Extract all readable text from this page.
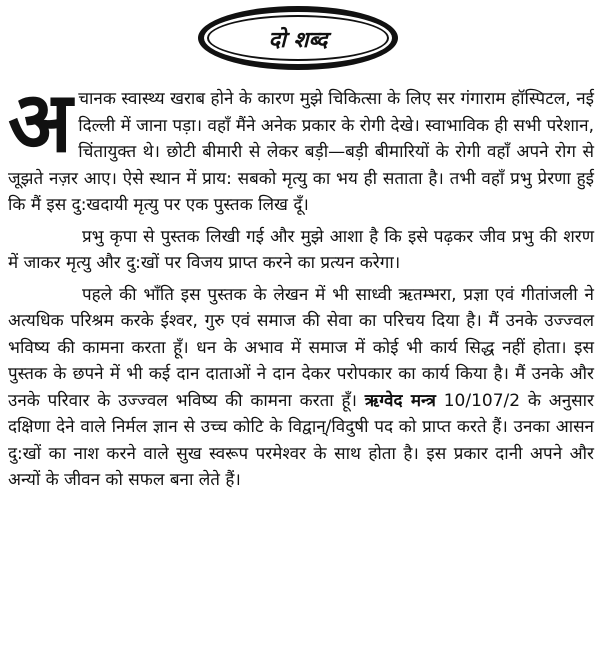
दो शब्द

अचानक स्वास्थ्य खराब होने के कारण मुझे चिकित्सा के लिए सर गंगाराम हॉस्पिटल, नई दिल्ली में जाना पड़ा। वहाँ मैंने अनेक प्रकार के रोगी देखे। स्वाभाविक ही सभी परेशान, चिंतायुक्त थे। छोटी बीमारी से लेकर बड़ी—बड़ी बीमारियों के रोगी वहाँ अपने रोग से जूझते नज़र आए। ऐसे स्थान में प्राय: सबको मृत्यु का भय ही सताता है। तभी वहाँ प्रभु प्रेरणा हुई कि मैं इस दु:खदायी मृत्यु पर एक पुस्तक लिख दूँ।

प्रभु कृपा से पुस्तक लिखी गई और मुझे आशा है कि इसे पढ़कर जीव प्रभु की शरण में जाकर मृत्यु और दु:खों पर विजय प्राप्त करने का प्रत्यन करेगा।

पहले की भाँति इस पुस्तक के लेखन में भी साध्वी ऋतम्भरा, प्रज्ञा एवं गीतांजली ने अत्यधिक परिश्रम करके ईश्वर, गुरु एवं समाज की सेवा का परिचय दिया है। मैं उनके उज्ज्वल भविष्य की कामना करता हूँ। धन के अभाव में समाज में कोई भी कार्य सिद्ध नहीं होता। इस पुस्तक के छपने में भी कई दान दाताओं ने दान देकर परोपकार का कार्य किया है। मैं उनके और उनके परिवार के उज्ज्वल भविष्य की कामना करता हूँ। ऋग्वेद मन्त्र 10/107/2 के अनुसार दक्षिणा देने वाले निर्मल ज्ञान से उच्च कोटि के विद्वान्/विदुषी पद को प्राप्त करते हैं। उनका आसन दु:खों का नाश करने वाले सुख स्वरूप परमेश्वर के साथ होता है। इस प्रकार दानी अपने और अन्यों के जीवन को सफल बना लेते हैं।
